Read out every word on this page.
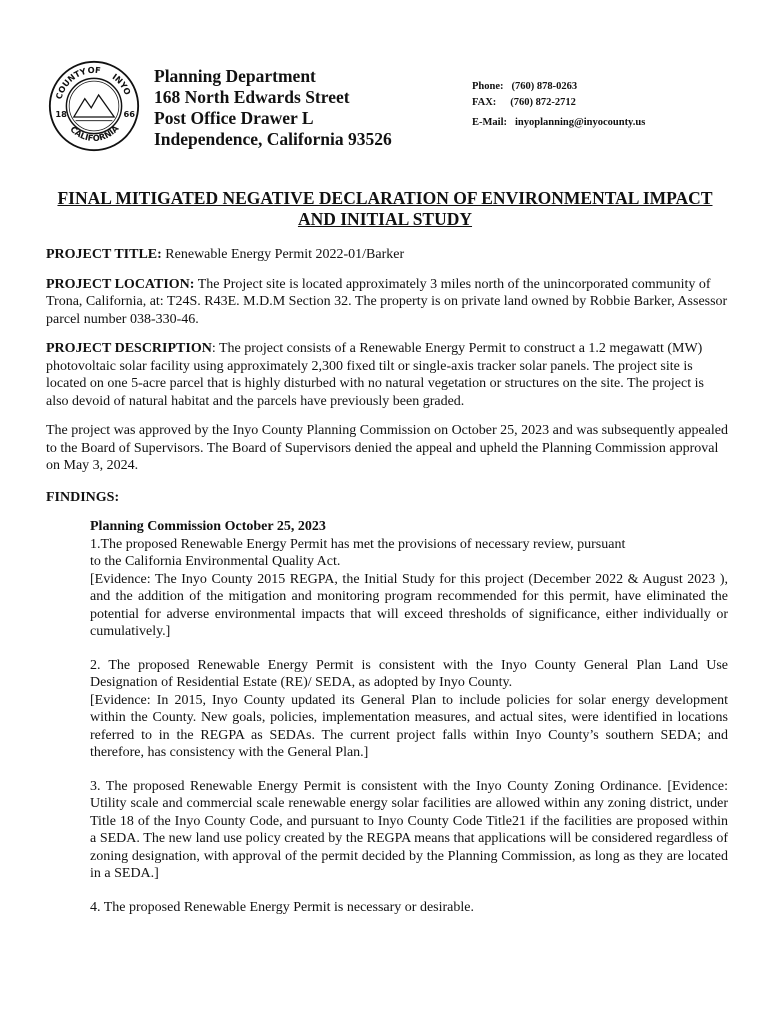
COUNTY OF
INYO
CALIFORNIA
18	66
Planning Department
168 North Edwards Street
Post Office Drawer L
Independence, California 93526
Phone: (760) 878-0263
FAX: (760) 872-2712
E-Mail: inyoplanning@inyocounty.us
FINAL MITIGATED NEGATIVE DECLARATION OF ENVIRONMENTAL IMPACT
AND INITIAL STUDY

PROJECT TITLE: Renewable Energy Permit 2022-01/Barker

PROJECT LOCATION: The Project site is located approximately 3 miles north of the unincorporated community of Trona, California, at: T24S. R43E. M.D.M Section 32. The property is on private land owned by Robbie Barker, Assessor parcel number 038-330-46.

PROJECT DESCRIPTION: The project consists of a Renewable Energy Permit to construct a 1.2 megawatt (MW) photovoltaic solar facility using approximately 2,300 fixed tilt or single-axis tracker solar panels. The project site is located on one 5-acre parcel that is highly disturbed with no natural vegetation or structures on the site. The project is also devoid of natural habitat and the parcels have previously been graded.

The project was approved by the Inyo County Planning Commission on October 25, 2023 and was subsequently appealed to the Board of Supervisors. The Board of Supervisors denied the appeal and upheld the Planning Commission approval on May 3, 2024.

FINDINGS:
Planning Commission October 25, 2023
1.The proposed Renewable Energy Permit has met the provisions of necessary review, pursuant
to the California Environmental Quality Act.
[Evidence: The Inyo County 2015 REGPA, the Initial Study for this project (December 2022 & August 2023 ), and the addition of the mitigation and monitoring program recommended for this permit, have eliminated the potential for adverse environmental impacts that will exceed thresholds of significance, either individually or cumulatively.]
2. The proposed Renewable Energy Permit is consistent with the Inyo County General Plan Land Use Designation of Residential Estate (RE)/ SEDA, as adopted by Inyo County.
[Evidence: In 2015, Inyo County updated its General Plan to include policies for solar energy development within the County. New goals, policies, implementation measures, and actual sites, were identified in locations referred to in the REGPA as SEDAs. The current project falls within Inyo County’s southern SEDA; and therefore, has consistency with the General Plan.]
3. The proposed Renewable Energy Permit is consistent with the Inyo County Zoning Ordinance. [Evidence: Utility scale and commercial scale renewable energy solar facilities are allowed within any zoning district, under Title 18 of the Inyo County Code, and pursuant to Inyo County Code Title21 if the facilities are proposed within a SEDA. The new land use policy created by the REGPA means that applications will be considered regardless of zoning designation, with approval of the permit decided by the Planning Commission, as long as they are located in a SEDA.]
4. The proposed Renewable Energy Permit is necessary or desirable.
